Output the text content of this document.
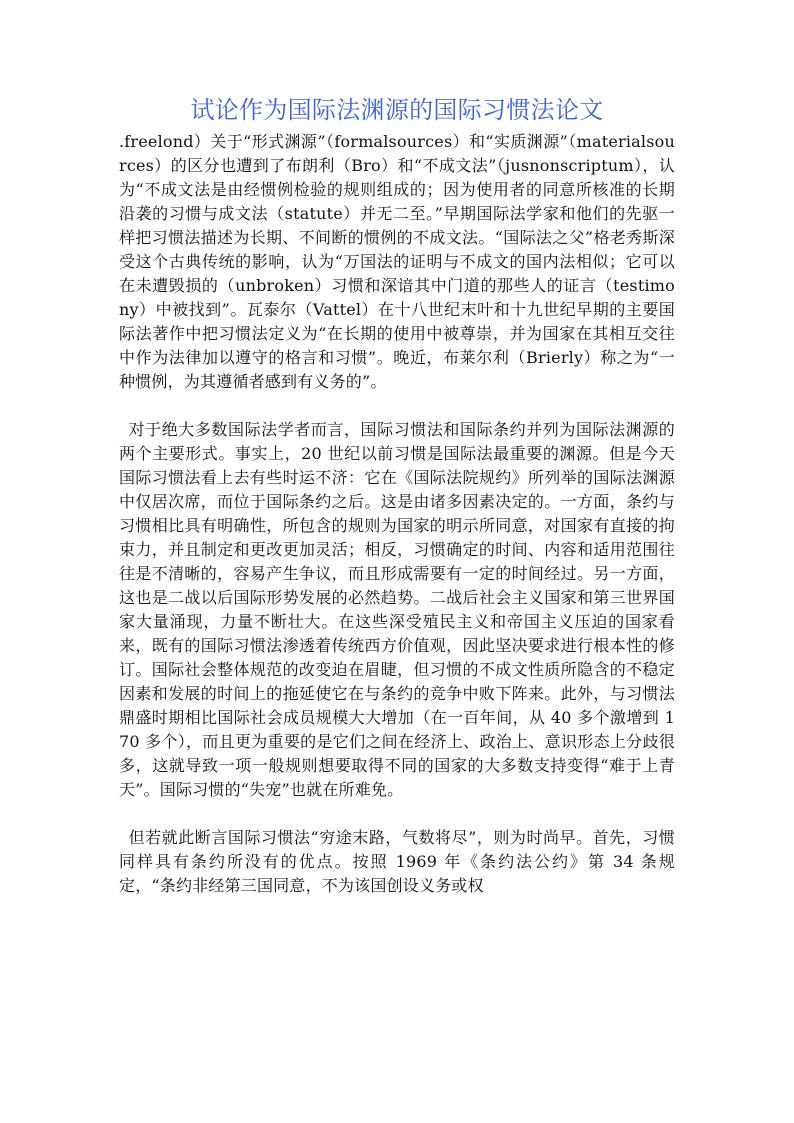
试论作为国际法渊源的国际习惯法论文

.freelond）关于“形式渊源”（formalsources）和“实质渊源”（materialsources）的区分也遭到了布朗利（Bro）和“不成文法”（jusnonscriptum），认为“不成文法是由经惯例检验的规则组成的；因为使用者的同意所核准的长期沿袭的习惯与成文法（statute）并无二至。”早期国际法学家和他们的先驱一样把习惯法描述为长期、不间断的惯例的不成文法。“国际法之父”格老秀斯深受这个古典传统的影响，认为“万国法的证明与不成文的国内法相似；它可以在未遭毁损的（unbroken）习惯和深谙其中门道的那些人的证言（testimony）中被找到”。瓦泰尔（Vattel）在十八世纪末叶和十九世纪早期的主要国际法著作中把习惯法定义为“在长期的使用中被尊崇，并为国家在其相互交往中作为法律加以遵守的格言和习惯”。晚近，布莱尔利（Brierly）称之为“一种惯例，为其遵循者感到有义务的”。

对于绝大多数国际法学者而言，国际习惯法和国际条约并列为国际法渊源的两个主要形式。事实上，20 世纪以前习惯是国际法最重要的渊源。但是今天国际习惯法看上去有些时运不济：它在《国际法院规约》所列举的国际法渊源中仅居次席，而位于国际条约之后。这是由诸多因素决定的。一方面，条约与习惯相比具有明确性，所包含的规则为国家的明示所同意，对国家有直接的拘束力，并且制定和更改更加灵活；相反，习惯确定的时间、内容和适用范围往往是不清晰的，容易产生争议，而且形成需要有一定的时间经过。另一方面，这也是二战以后国际形势发展的必然趋势。二战后社会主义国家和第三世界国家大量涌现，力量不断壮大。在这些深受殖民主义和帝国主义压迫的国家看来，既有的国际习惯法渗透着传统西方价值观，因此坚决要求进行根本性的修订。国际社会整体规范的改变迫在眉睫，但习惯的不成文性质所隐含的不稳定因素和发展的时间上的拖延使它在与条约的竞争中败下阵来。此外，与习惯法鼎盛时期相比国际社会成员规模大大增加（在一百年间，从 40 多个激增到 170 多个），而且更为重要的是它们之间在经济上、政治上、意识形态上分歧很多，这就导致一项一般规则想要取得不同的国家的大多数支持变得“难于上青天”。国际习惯的“失宠”也就在所难免。

但若就此断言国际习惯法“穷途末路，气数将尽”，则为时尚早。首先，习惯同样具有条约所没有的优点。按照 1969 年《条约法公约》第 34 条规定，“条约非经第三国同意，不为该国创设义务或权
